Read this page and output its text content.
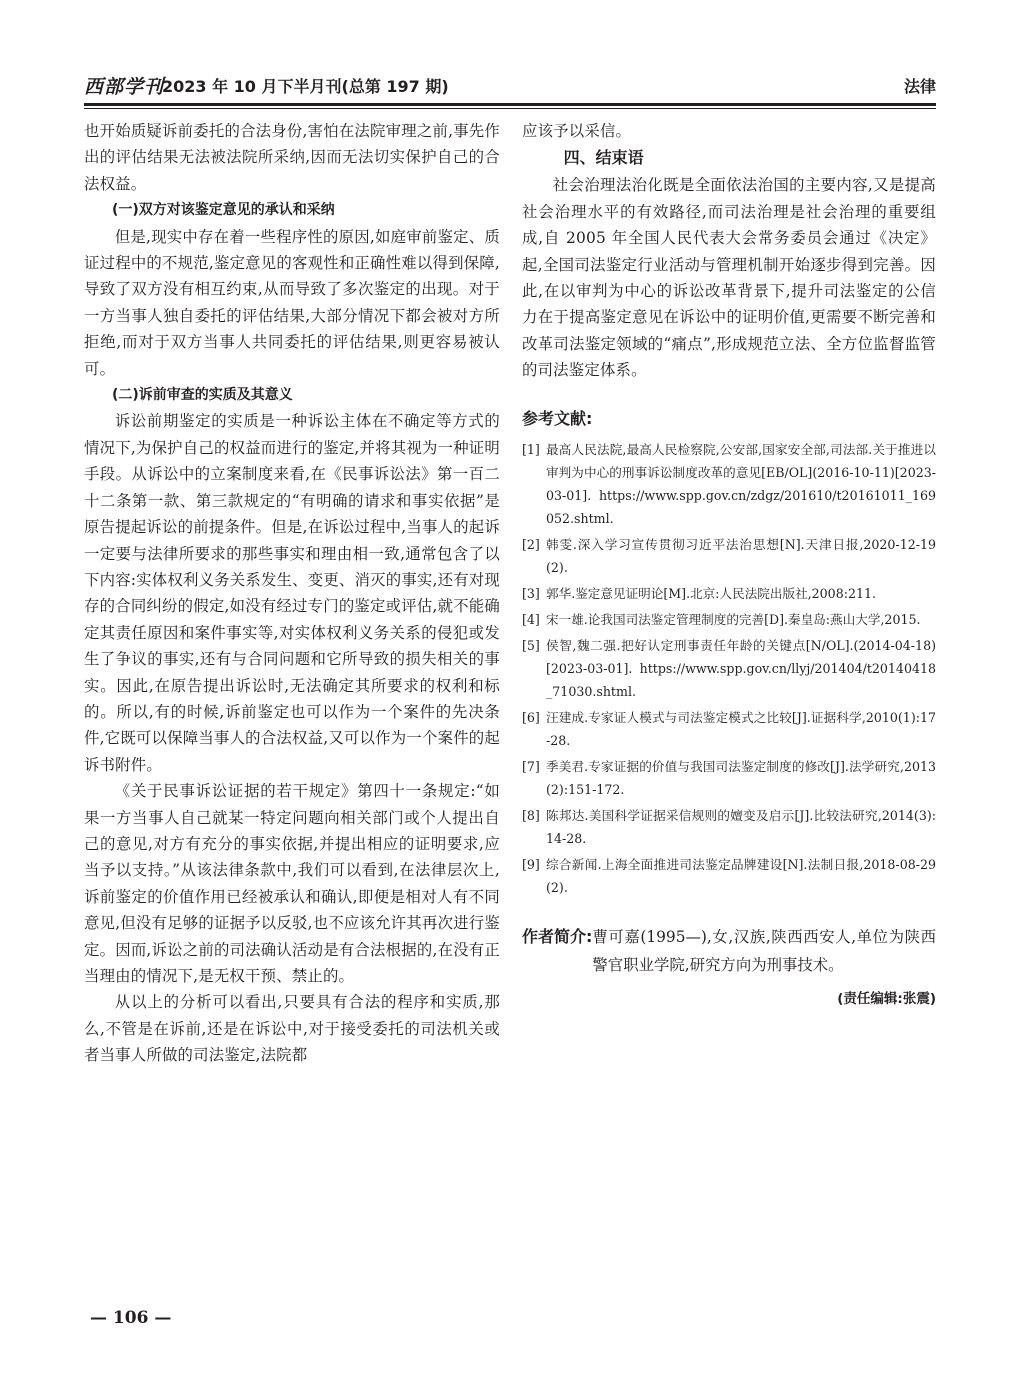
西部学刊
2023 年 10 月下半月刊(总第 197 期)	法律

也开始质疑诉前委托的合法身份,害怕在法院审理之前,事先作出的评估结果无法被法院所采纳,因而无法切实保护自己的合法权益。

(一)双方对该鉴定意见的承认和采纳

但是,现实中存在着一些程序性的原因,如庭审前鉴定、质证过程中的不规范,鉴定意见的客观性和正确性难以得到保障,导致了双方没有相互约束,从而导致了多次鉴定的出现。对于一方当事人独自委托的评估结果,大部分情况下都会被对方所拒绝,而对于双方当事人共同委托的评估结果,则更容易被认可。

(二)诉前审查的实质及其意义

诉讼前期鉴定的实质是一种诉讼主体在不确定等方式的情况下,为保护自己的权益而进行的鉴定,并将其视为一种证明手段。从诉讼中的立案制度来看,在《民事诉讼法》第一百二十二条第一款、第三款规定的“有明确的请求和事实依据”是原告提起诉讼的前提条件。但是,在诉讼过程中,当事人的起诉一定要与法律所要求的那些事实和理由相一致,通常包含了以下内容:实体权利义务关系发生、变更、消灭的事实,还有对现存的合同纠纷的假定,如没有经过专门的鉴定或评估,就不能确定其责任原因和案件事实等,对实体权利义务关系的侵犯或发生了争议的事实,还有与合同问题和它所导致的损失相关的事实。因此,在原告提出诉讼时,无法确定其所要求的权利和标的。所以,有的时候,诉前鉴定也可以作为一个案件的先决条件,它既可以保障当事人的合法权益,又可以作为一个案件的起诉书附件。

《关于民事诉讼证据的若干规定》第四十一条规定:“如果一方当事人自己就某一特定问题向相关部门或个人提出自己的意见,对方有充分的事实依据,并提出相应的证明要求,应当予以支持。”从该法律条款中,我们可以看到,在法律层次上,诉前鉴定的价值作用已经被承认和确认,即便是相对人有不同意见,但没有足够的证据予以反驳,也不应该允许其再次进行鉴定。因而,诉讼之前的司法确认活动是有合法根据的,在没有正当理由的情况下,是无权干预、禁止的。

从以上的分析可以看出,只要具有合法的程序和实质,那么,不管是在诉前,还是在诉讼中,对于接受委托的司法机关或者当事人所做的司法鉴定,法院都

应该予以采信。

四、结束语

社会治理法治化既是全面依法治国的主要内容,又是提高社会治理水平的有效路径,而司法治理是社会治理的重要组成,自 2005 年全国人民代表大会常务委员会通过《决定》起,全国司法鉴定行业活动与管理机制开始逐步得到完善。因此,在以审判为中心的诉讼改革背景下,提升司法鉴定的公信力在于提高鉴定意见在诉讼中的证明价值,更需要不断完善和改革司法鉴定领域的“痛点”,形成规范立法、全方位监督监管的司法鉴定体系。

参考文献:
[1] 最高人民法院,最高人民检察院,公安部,国家安全部,司法部.关于推进以审判为中心的刑事诉讼制度改革的意见[EB/OL](2016-10-11)[2023-03-01]. https://www.spp.gov.cn/zdgz/201610/t20161011_169052.shtml.
[2] 韩雯.深入学习宣传贯彻习近平法治思想[N].天津日报,2020-12-19(2).
[3] 郭华.鉴定意见证明论[M].北京:人民法院出版社,2008:211.
[4] 宋一雄.论我国司法鉴定管理制度的完善[D].秦皇岛:燕山大学,2015.
[5] 侯智,魏二强.把好认定刑事责任年龄的关键点[N/OL].(2014-04-18)[2023-03-01]. https://www.spp.gov.cn/llyj/201404/t20140418_71030.shtml.
[6] 汪建成.专家证人模式与司法鉴定模式之比较[J].证据科学,2010(1):17-28.
[7] 季美君.专家证据的价值与我国司法鉴定制度的修改[J].法学研究,2013(2):151-172.
[8] 陈邦达.美国科学证据采信规则的嬗变及启示[J].比较法研究,2014(3):14-28.
[9] 综合新闻.上海全面推进司法鉴定品牌建设[N].法制日报,2018-08-29(2).
作者简介: 曹可嘉(1995—),女,汉族,陕西西安人,单位为陕西警官职业学院,研究方向为刑事技术。
(责任编辑:张震)
— 106 —
